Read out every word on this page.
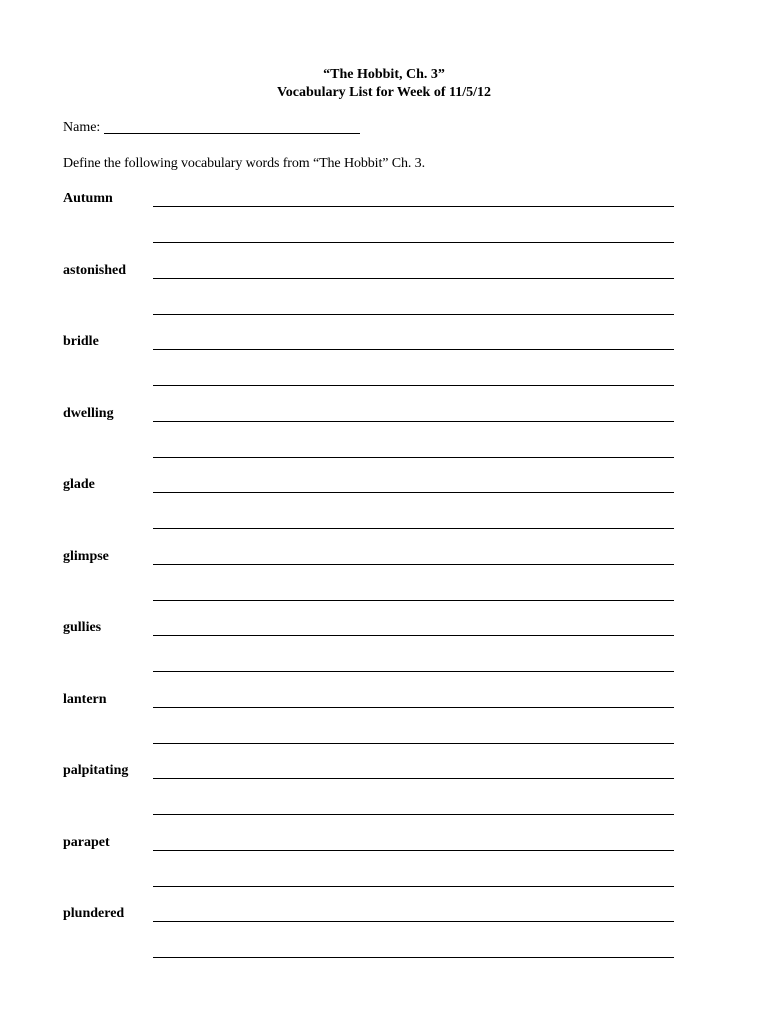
“The Hobbit, Ch. 3”
Vocabulary List for Week of 11/5/12
Name:
Define the following vocabulary words from “The Hobbit” Ch. 3.
Autumn
astonished
bridle
dwelling
glade
glimpse
gullies
lantern
palpitating
parapet
plundered
